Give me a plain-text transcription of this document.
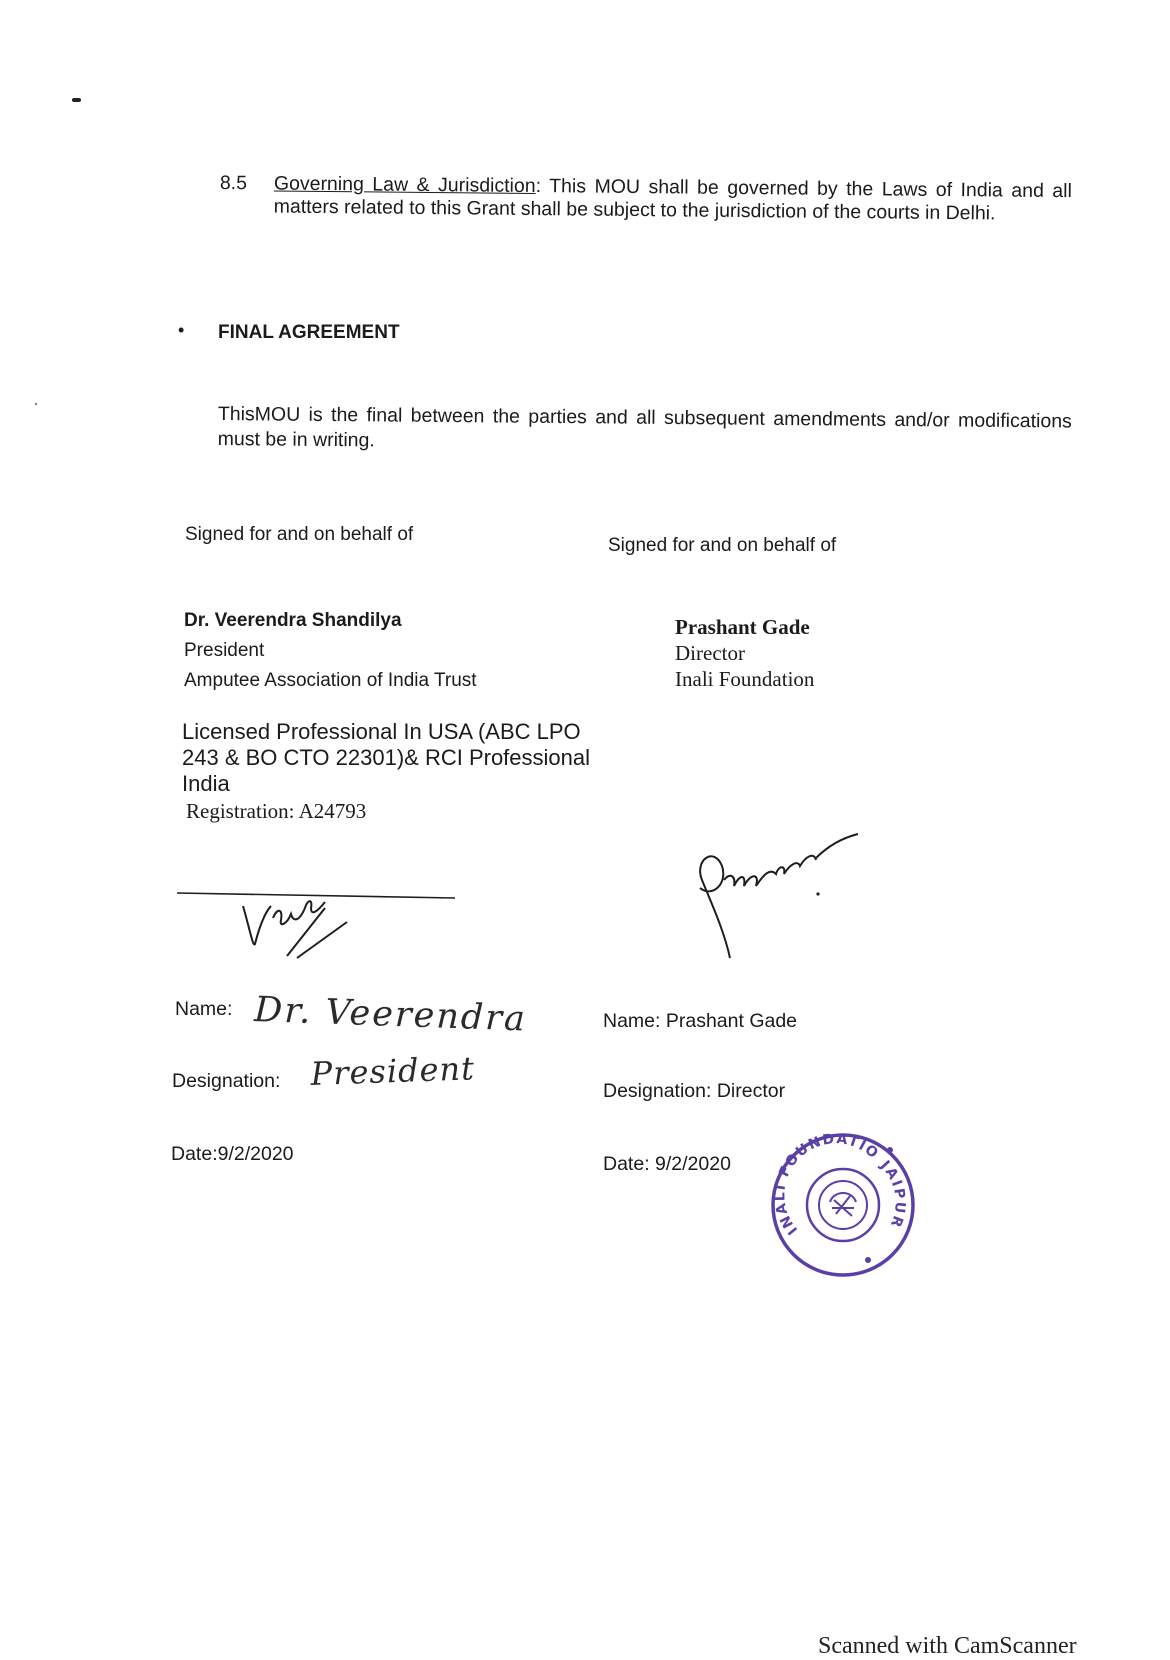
8.5 Governing Law & Jurisdiction: This MOU shall be governed by the Laws of India and all matters related to this Grant shall be subject to the jurisdiction of the courts in Delhi.
• FINAL AGREEMENT
ThisMOU is the final between the parties and all subsequent amendments and/or modifications must be in writing.
Signed for and on behalf of
Signed for and on behalf of
Dr. Veerendra Shandilya
President
Amputee Association of India Trust
Prashant Gade
Director
Inali Foundation
Licensed Professional In USA (ABC LPO 243 & BO CTO 22301)& RCI Professional India
Registration: A24793
Name: Dr. Veerendra	Name: Prashant Gade
Designation: President	Designation: Director
Date:9/2/2020	Date: 9/2/2020
INALI FOUNDATIO
JAIPUR
Scanned with CamScanner
